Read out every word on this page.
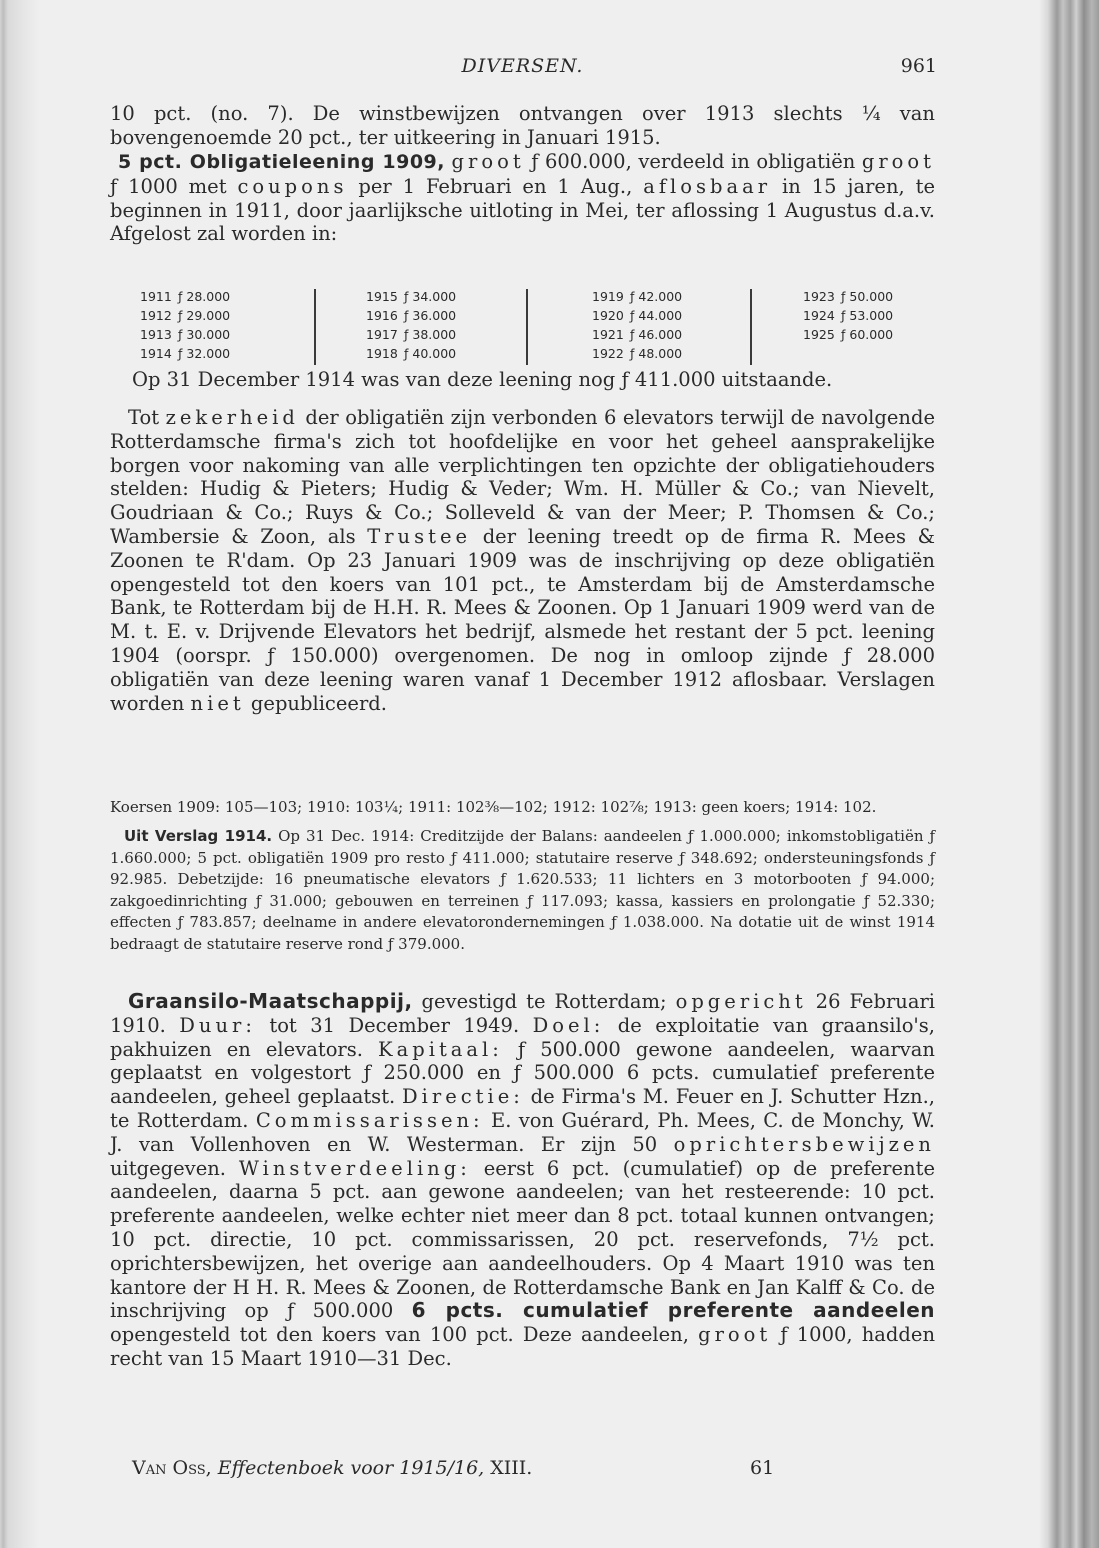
DIVERSEN.	961

10 pct. (no. 7). De winstbewijzen ontvangen over 1913 slechts ¼ van bovengenoemde 20 pct., ter uitkeering in Januari 1915.

5 pct. Obligatieleening 1909, groot ƒ 600.000, verdeeld in obligatiën groot ƒ 1000 met coupons per 1 Februari en 1 Aug., aflosbaar in 15 jaren, te beginnen in 1911, door jaarlijksche uitloting in Mei, ter aflossing 1 Augustus d.a.v. Afgelost zal worden in:

1911 ƒ 28.000
1912 ƒ 29.000
1913 ƒ 30.000
1914 ƒ 32.000
1915 ƒ 34.000
1916 ƒ 36.000
1917 ƒ 38.000
1918 ƒ 40.000
1919 ƒ 42.000
1920 ƒ 44.000
1921 ƒ 46.000
1922 ƒ 48.000
1923 ƒ 50.000
1924 ƒ 53.000
1925 ƒ 60.000

Op 31 December 1914 was van deze leening nog ƒ 411.000 uitstaande.

Tot zekerheid der obligatiën zijn verbonden 6 elevators terwijl de navolgende Rotterdamsche firma's zich tot hoofdelijke en voor het geheel aansprakelijke borgen voor nakoming van alle verplichtingen ten opzichte der obligatiehouders stelden: Hudig & Pieters; Hudig & Veder; Wm. H. Müller & Co.; van Nievelt, Goudriaan & Co.; Ruys & Co.; Solleveld & van der Meer; P. Thomsen & Co.; Wambersie & Zoon, als Trustee der leening treedt op de firma R. Mees & Zoonen te R'dam. Op 23 Januari 1909 was de inschrijving op deze obligatiën opengesteld tot den koers van 101 pct., te Amsterdam bij de Amsterdamsche Bank, te Rotterdam bij de H.H. R. Mees & Zoonen. Op 1 Januari 1909 werd van de M. t. E. v. Drijvende Elevators het bedrijf, alsmede het restant der 5 pct. leening 1904 (oorspr. ƒ 150.000) overgenomen. De nog in omloop zijnde ƒ 28.000 obligatiën van deze leening waren vanaf 1 December 1912 aflosbaar. Verslagen worden niet gepubliceerd.

Koersen 1909: 105—103; 1910: 103¼; 1911: 102⅜—102; 1912: 102⅞; 1913: geen koers; 1914: 102.

Uit Verslag 1914. Op 31 Dec. 1914: Creditzijde der Balans: aandeelen ƒ 1.000.000; inkomstobligatiën ƒ 1.660.000; 5 pct. obligatiën 1909 pro resto ƒ 411.000; statutaire reserve ƒ 348.692; ondersteuningsfonds ƒ 92.985. Debetzijde: 16 pneumatische elevators ƒ 1.620.533; 11 lichters en 3 motorbooten ƒ 94.000; zakgoedinrichting ƒ 31.000; gebouwen en terreinen ƒ 117.093; kassa, kassiers en prolongatie ƒ 52.330; effecten ƒ 783.857; deelname in andere elevatorondernemingen ƒ 1.038.000. Na dotatie uit de winst 1914 bedraagt de statutaire reserve rond ƒ 379.000.

Graansilo-Maatschappij, gevestigd te Rotterdam; opgericht 26 Februari 1910. Duur: tot 31 December 1949. Doel: de exploitatie van graansilo's, pakhuizen en elevators. Kapitaal: ƒ 500.000 gewone aandeelen, waarvan geplaatst en volgestort ƒ 250.000 en ƒ 500.000 6 pcts. cumulatief preferente aandeelen, geheel geplaatst. Directie: de Firma's M. Feuer en J. Schutter Hzn., te Rotterdam. Commissarissen: E. von Guérard, Ph. Mees, C. de Monchy, W. J. van Vollenhoven en W. Westerman. Er zijn 50 oprichtersbewijzen uitgegeven. Winstverdeeling: eerst 6 pct. (cumulatief) op de preferente aandeelen, daarna 5 pct. aan gewone aandeelen; van het resteerende: 10 pct. preferente aandeelen, welke echter niet meer dan 8 pct. totaal kunnen ontvangen; 10 pct. directie, 10 pct. commissarissen, 20 pct. reservefonds, 7½ pct. oprichtersbewijzen, het overige aan aandeelhouders. Op 4 Maart 1910 was ten kantore der H H. R. Mees & Zoonen, de Rotterdamsche Bank en Jan Kalff & Co. de inschrijving op ƒ 500.000 6 pcts. cumulatief preferente aandeelen opengesteld tot den koers van 100 pct. Deze aandeelen, groot ƒ 1000, hadden recht van 15 Maart 1910—31 Dec.

Van Oss, Effectenboek voor 1915/16, XIII.	61
